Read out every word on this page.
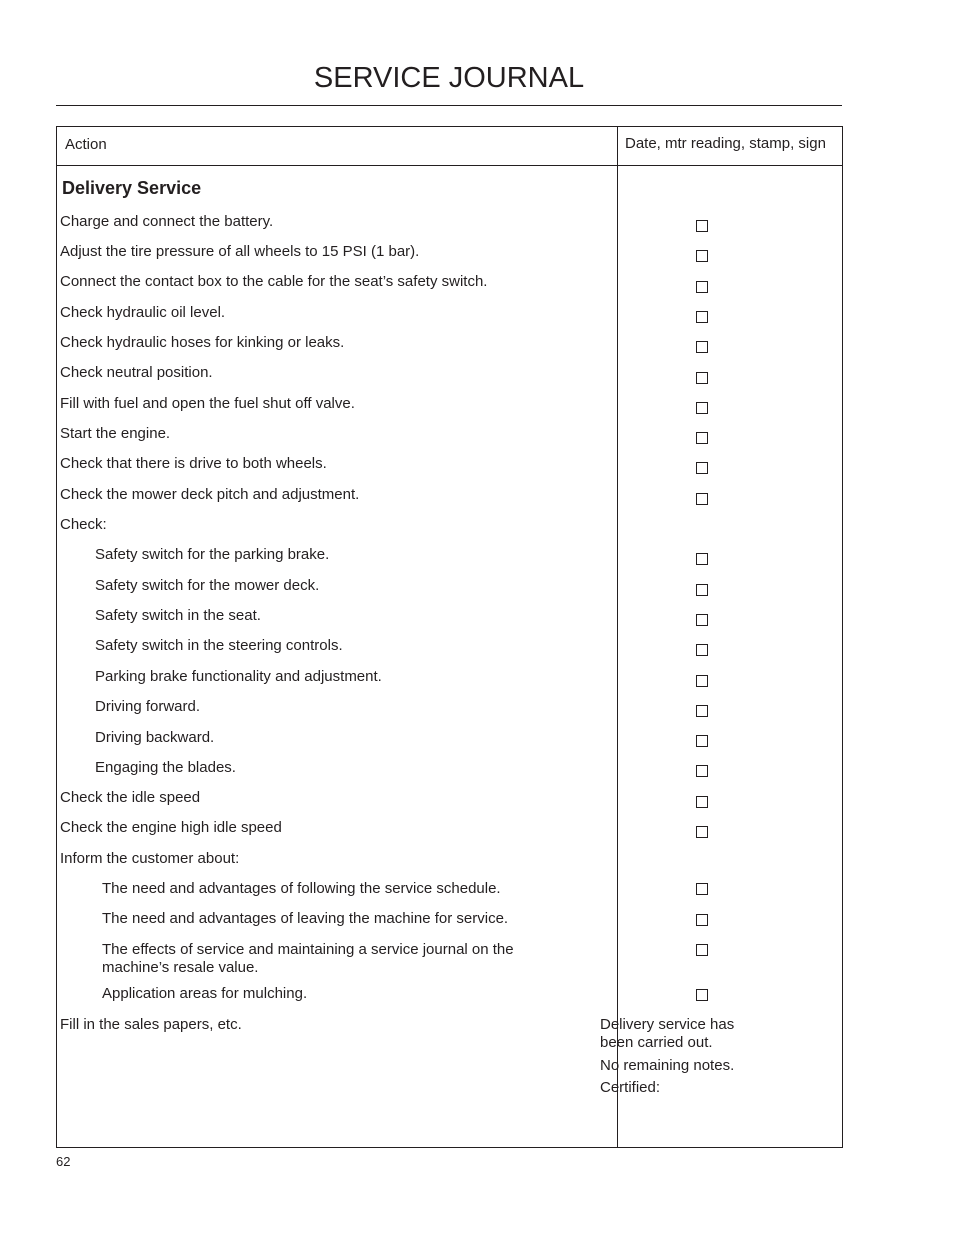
SERVICE JOURNAL
Action	Date, mtr reading, stamp, sign
Delivery Service
Charge and connect the battery.
Adjust the tire pressure of all wheels to 15 PSI (1 bar).
Connect the contact box to the cable for the seat’s safety switch.
Check hydraulic oil level.
Check hydraulic hoses for kinking or leaks.
Check neutral position.
Fill with fuel and open the fuel shut off valve.
Start the engine.
Check that there is drive to both wheels.
Check the mower deck pitch and adjustment.
Check:
Safety switch for the parking brake.
Safety switch for the mower deck.
Safety switch in the seat.
Safety switch in the steering controls.
Parking brake functionality and adjustment.
Driving forward.
Driving backward.
Engaging the blades.
Check the idle speed
Check the engine high idle speed
Inform the customer about:
The need and advantages of following the service schedule.
The need and advantages of leaving the machine for service.
The effects of service and maintaining a service journal on the
machine’s resale value.
Application areas for mulching.
Fill in the sales papers, etc.	Delivery service has
been carried out.
No remaining notes.
Certified:
62
